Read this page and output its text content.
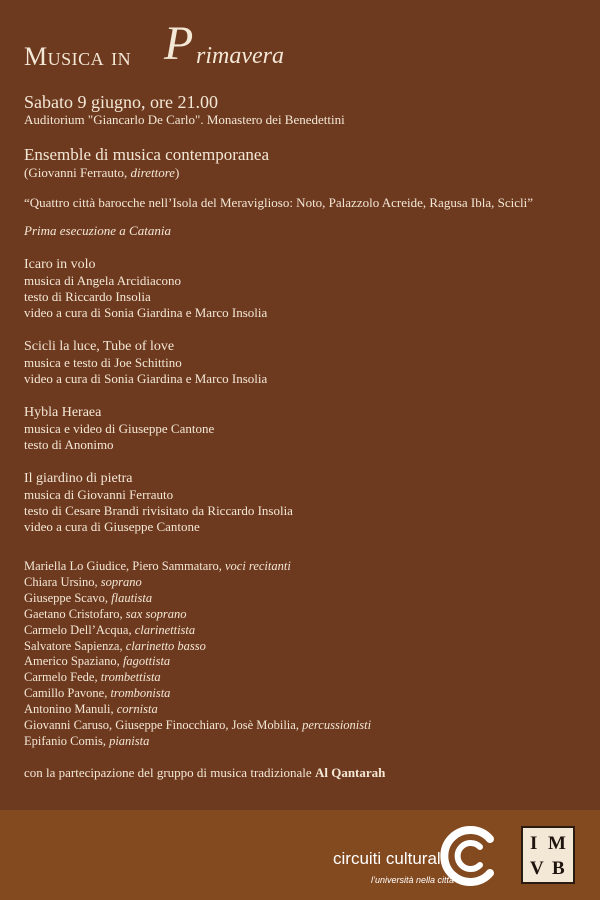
Musica in P rimavera
Sabato 9 giugno, ore 21.00
Auditorium "Giancarlo De Carlo". Monastero dei Benedettini
Ensemble di musica contemporanea
(Giovanni Ferrauto, direttore)
“Quattro città barocche nell’Isola del Meraviglioso: Noto, Palazzolo Acreide, Ragusa Ibla, Scicli”
Prima esecuzione a Catania
Icaro in volo
musica di Angela Arcidiacono
testo di Riccardo Insolia
video a cura di Sonia Giardina e Marco Insolia
Scicli la luce, Tube of love
musica e testo di Joe Schittino
video a cura di Sonia Giardina e Marco Insolia
Hybla Heraea
musica e video di Giuseppe Cantone
testo di Anonimo
Il giardino di pietra
musica di Giovanni Ferrauto
testo di Cesare Brandi rivisitato da Riccardo Insolia
video a cura di Giuseppe Cantone
Mariella Lo Giudice, Piero Sammataro, voci recitanti
Chiara Ursino, soprano
Giuseppe Scavo, flautista
Gaetano Cristofaro, sax soprano
Carmelo Dell’Acqua, clarinettista
Salvatore Sapienza, clarinetto basso
Americo Spaziano, fagottista
Carmelo Fede, trombettista
Camillo Pavone, trombonista
Antonino Manuli, cornista
Giovanni Caruso, Giuseppe Finocchiaro, Josè Mobilia, percussionisti
Epifanio Comis, pianista
con la partecipazione del gruppo di musica tradizionale Al Qantarah
circuiti culturali
l’università nella città
I M
V B
